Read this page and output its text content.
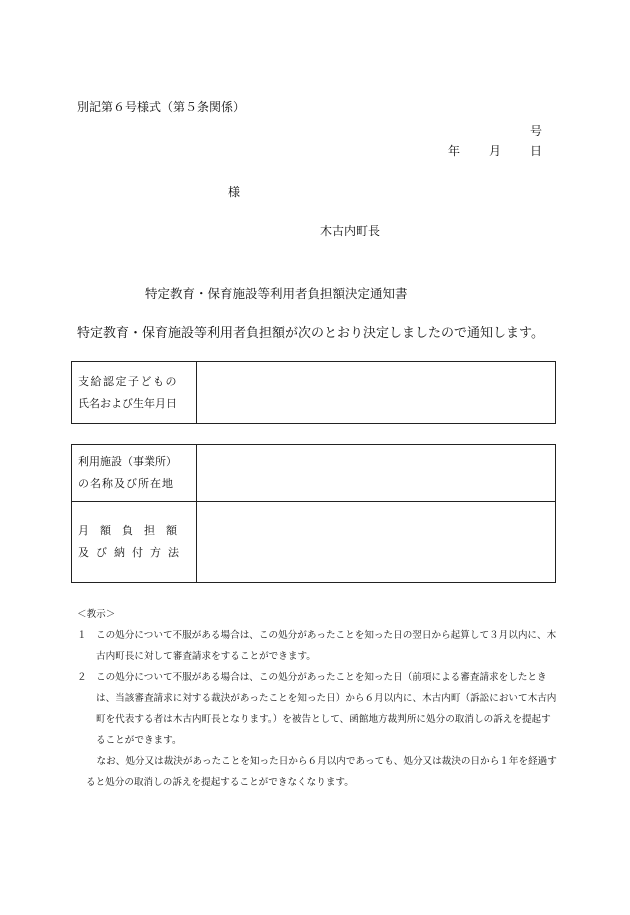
別記第６号様式（第５条関係）
号
年 月 日
様
木古内町長
特定教育・保育施設等利用者負担額決定通知書
特定教育・保育施設等利用者負担額が次のとおり決定しましたので通知します。
支給認定子どもの
氏名および生年月日

利用施設（事業所）
の名称及び所在地	

月額負担額
及び納付方法	

＜教示＞

１ この処分について不服がある場合は、この処分があったことを知った日の翌日から起算して３月以内に、木古内町長に対して審査請求をすることができます。

２ この処分について不服がある場合は、この処分があったことを知った日（前項による審査請求をしたときは、当該審査請求に対する裁決があったことを知った日）から６月以内に、木古内町（訴訟において木古内町を代表する者は木古内町長となります。）を被告として、函館地方裁判所に処分の取消しの訴えを提起することができます。

なお、処分又は裁決があったことを知った日から６月以内であっても、処分又は裁決の日から１年を経過すると処分の取消しの訴えを提起することができなくなります。
